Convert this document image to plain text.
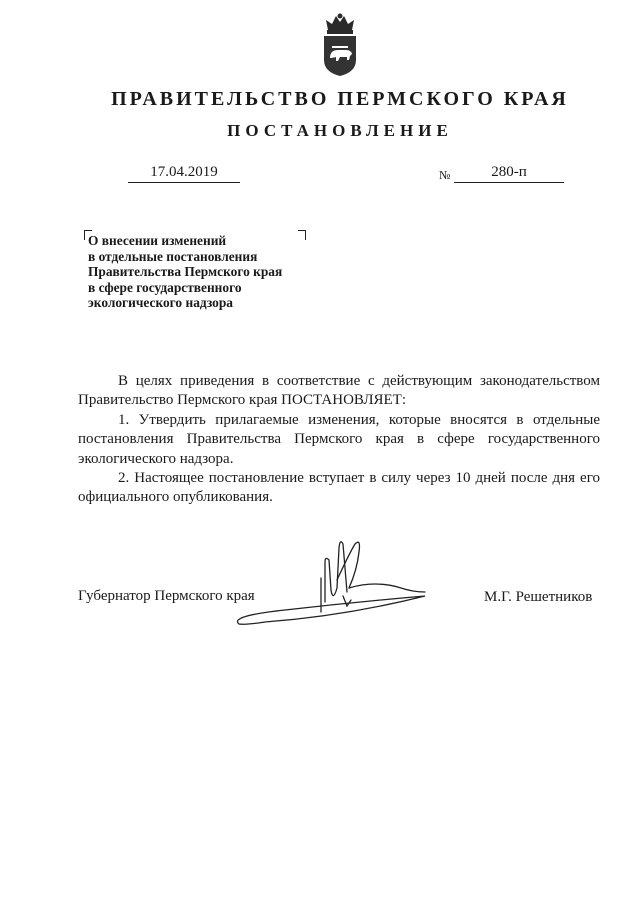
ПРАВИТЕЛЬСТВО ПЕРМСКОГО КРАЯ
ПОСТАНОВЛЕНИЕ
17.04.2019	№	280-п
О внесении изменений
в отдельные постановления
Правительства Пермского края
в сфере государственного
экологического надзора

В целях приведения в соответствие с действующим законодательством Правительство Пермского края ПОСТАНОВЛЯЕТ:

1. Утвердить прилагаемые изменения, которые вносятся в отдельные постановления Правительства Пермского края в сфере государственного экологического надзора.

2. Настоящее постановление вступает в силу через 10 дней после дня его официального опубликования.

Губернатор Пермского края	М.Г. Решетников
